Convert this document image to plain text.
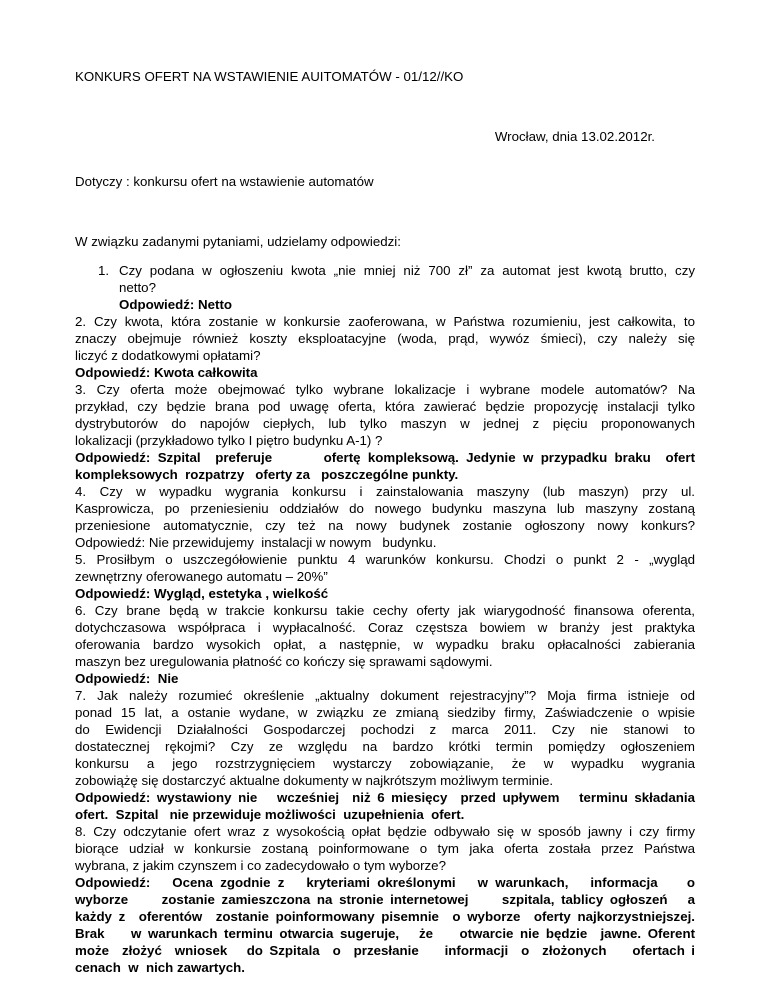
KONKURS OFERT NA WSTAWIENIE AUITOMATÓW - 01/12//KO
Wrocław, dnia 13.02.2012r.
Dotyczy : konkursu ofert na wstawienie automatów
W związku zadanymi pytaniami, udzielamy odpowiedzi:
1. Czy podana w ogłoszeniu kwota „nie mniej niż 700 zł” za automat jest kwotą brutto, czy

netto?

Odpowiedź: Netto

2. Czy kwota, która zostanie w konkursie zaoferowana, w Państwa rozumieniu, jest całkowita, to

znaczy obejmuje również koszty eksploatacyjne (woda, prąd, wywóz śmieci), czy należy się

liczyć z dodatkowymi opłatami?

Odpowiedź: Kwota całkowita

3. Czy oferta może obejmować tylko wybrane lokalizacje i wybrane modele automatów? Na

przykład, czy będzie brana pod uwagę oferta, która zawierać będzie propozycję instalacji tylko

dystrybutorów do napojów ciepłych, lub tylko maszyn w jednej z pięciu proponowanych

lokalizacji (przykładowo tylko I piętro budynku A-1) ?

Odpowiedź: Szpital  preferuje       ofertę kompleksową. Jedynie w przypadku braku  ofert

kompleksowych  rozpatrzy   oferty za   poszczególne punkty.

4. Czy w wypadku wygrania konkursu i zainstalowania maszyny (lub maszyn) przy ul.

Kasprowicza, po przeniesieniu oddziałów do nowego budynku maszyna lub maszyny zostaną

przeniesione automatycznie, czy też na nowy budynek zostanie ogłoszony nowy konkurs?

Odpowiedź: Nie przewidujemy  instalacji w nowym   budynku.

5. Prosiłbym o uszczegółowienie punktu 4 warunków konkursu. Chodzi o punkt 2 - „wygląd

zewnętrzny oferowanego automatu – 20%”

Odpowiedź: Wygląd, estetyka , wielkość

6. Czy brane będą w trakcie konkursu takie cechy oferty jak wiarygodność finansowa oferenta,

dotychczasowa współpraca i wypłacalność. Coraz częstsza bowiem w branży jest praktyka

oferowania bardzo wysokich opłat, a następnie, w wypadku braku opłacalności zabierania

maszyn bez uregulowania płatność co kończy się sprawami sądowymi.

Odpowiedź:  Nie

7. Jak należy rozumieć określenie „aktualny dokument rejestracyjny”? Moja firma istnieje od

ponad 15 lat, a ostanie wydane, w związku ze zmianą siedziby firmy, Zaświadczenie o wpisie

do Ewidencji Działalności Gospodarczej pochodzi z marca 2011. Czy nie stanowi to

dostatecznej rękojmi? Czy ze względu na bardzo krótki termin pomiędzy ogłoszeniem

konkursu a jego rozstrzygnięciem wystarczy zobowiązanie, że w wypadku wygrania

zobowiążę się dostarczyć aktualne dokumenty w najkrótszym możliwym terminie.

Odpowiedź: wystawiony nie   wcześniej  niż 6 miesięcy  przed upływem   terminu składania

ofert.  Szpital   nie przewiduje możliwości  uzupełnienia  ofert.

8. Czy odczytanie ofert wraz z wysokością opłat będzie odbywało się w sposób jawny i czy firmy

biorące udział w konkursie zostaną poinformowane o tym jaka oferta została przez Państwa

wybrana, z jakim czynszem i co zadecydowało o tym wyborze?

Odpowiedź:   Ocena zgodnie z   kryteriami określonymi   w warunkach,   informacja    o

wyborze     zostanie zamieszczona na stronie internetowej     szpitala, tablicy ogłoszeń   a

każdy z  oferentów  zostanie poinformowany pisemnie  o wyborze  oferty najkorzystniejszej.

Brak    w warunkach terminu otwarcia sugeruje,   że    otwarcie nie będzie  jawne. Oferent

może  złożyć  wniosek   do Szpitala  o  przesłanie    informacji  o  złożonych    ofertach i

cenach  w  nich zawartych.
